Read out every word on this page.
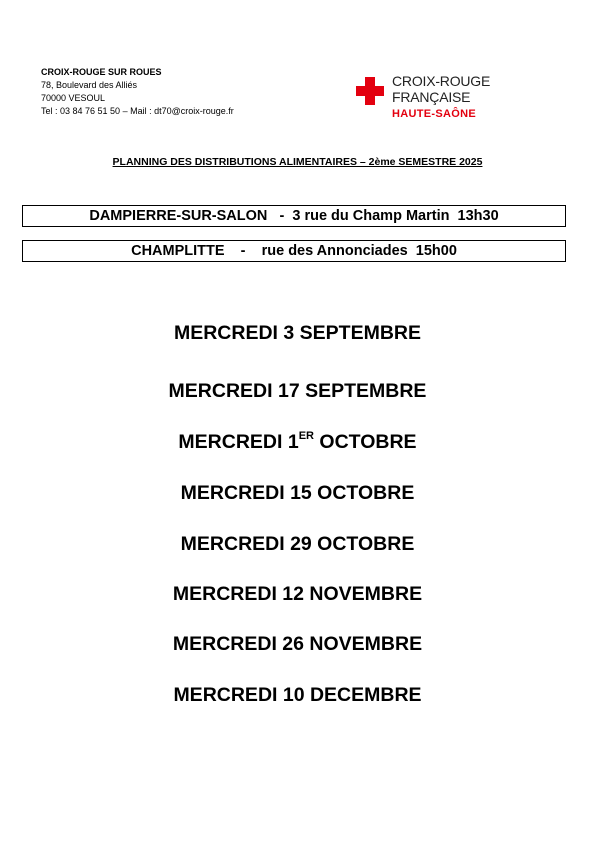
CROIX-ROUGE SUR ROUES
78, Boulevard des Alliés
70000 VESOUL
Tel : 03 84 76 51 50 – Mail : dt70@croix-rouge.fr
CROIX-ROUGE
FRANÇAISE
HAUTE-SAÔNE
PLANNING DES DISTRIBUTIONS ALIMENTAIRES – 2ème SEMESTRE 2025
DAMPIERRE-SUR-SALON   -  3 rue du Champ Martin  13h30
CHAMPLITTE    -    rue des Annonciades  15h00
MERCREDI 3 SEPTEMBRE
MERCREDI 17 SEPTEMBRE
MERCREDI 1ER OCTOBRE
MERCREDI 15 OCTOBRE
MERCREDI 29 OCTOBRE
MERCREDI 12 NOVEMBRE
MERCREDI 26 NOVEMBRE
MERCREDI 10 DECEMBRE
